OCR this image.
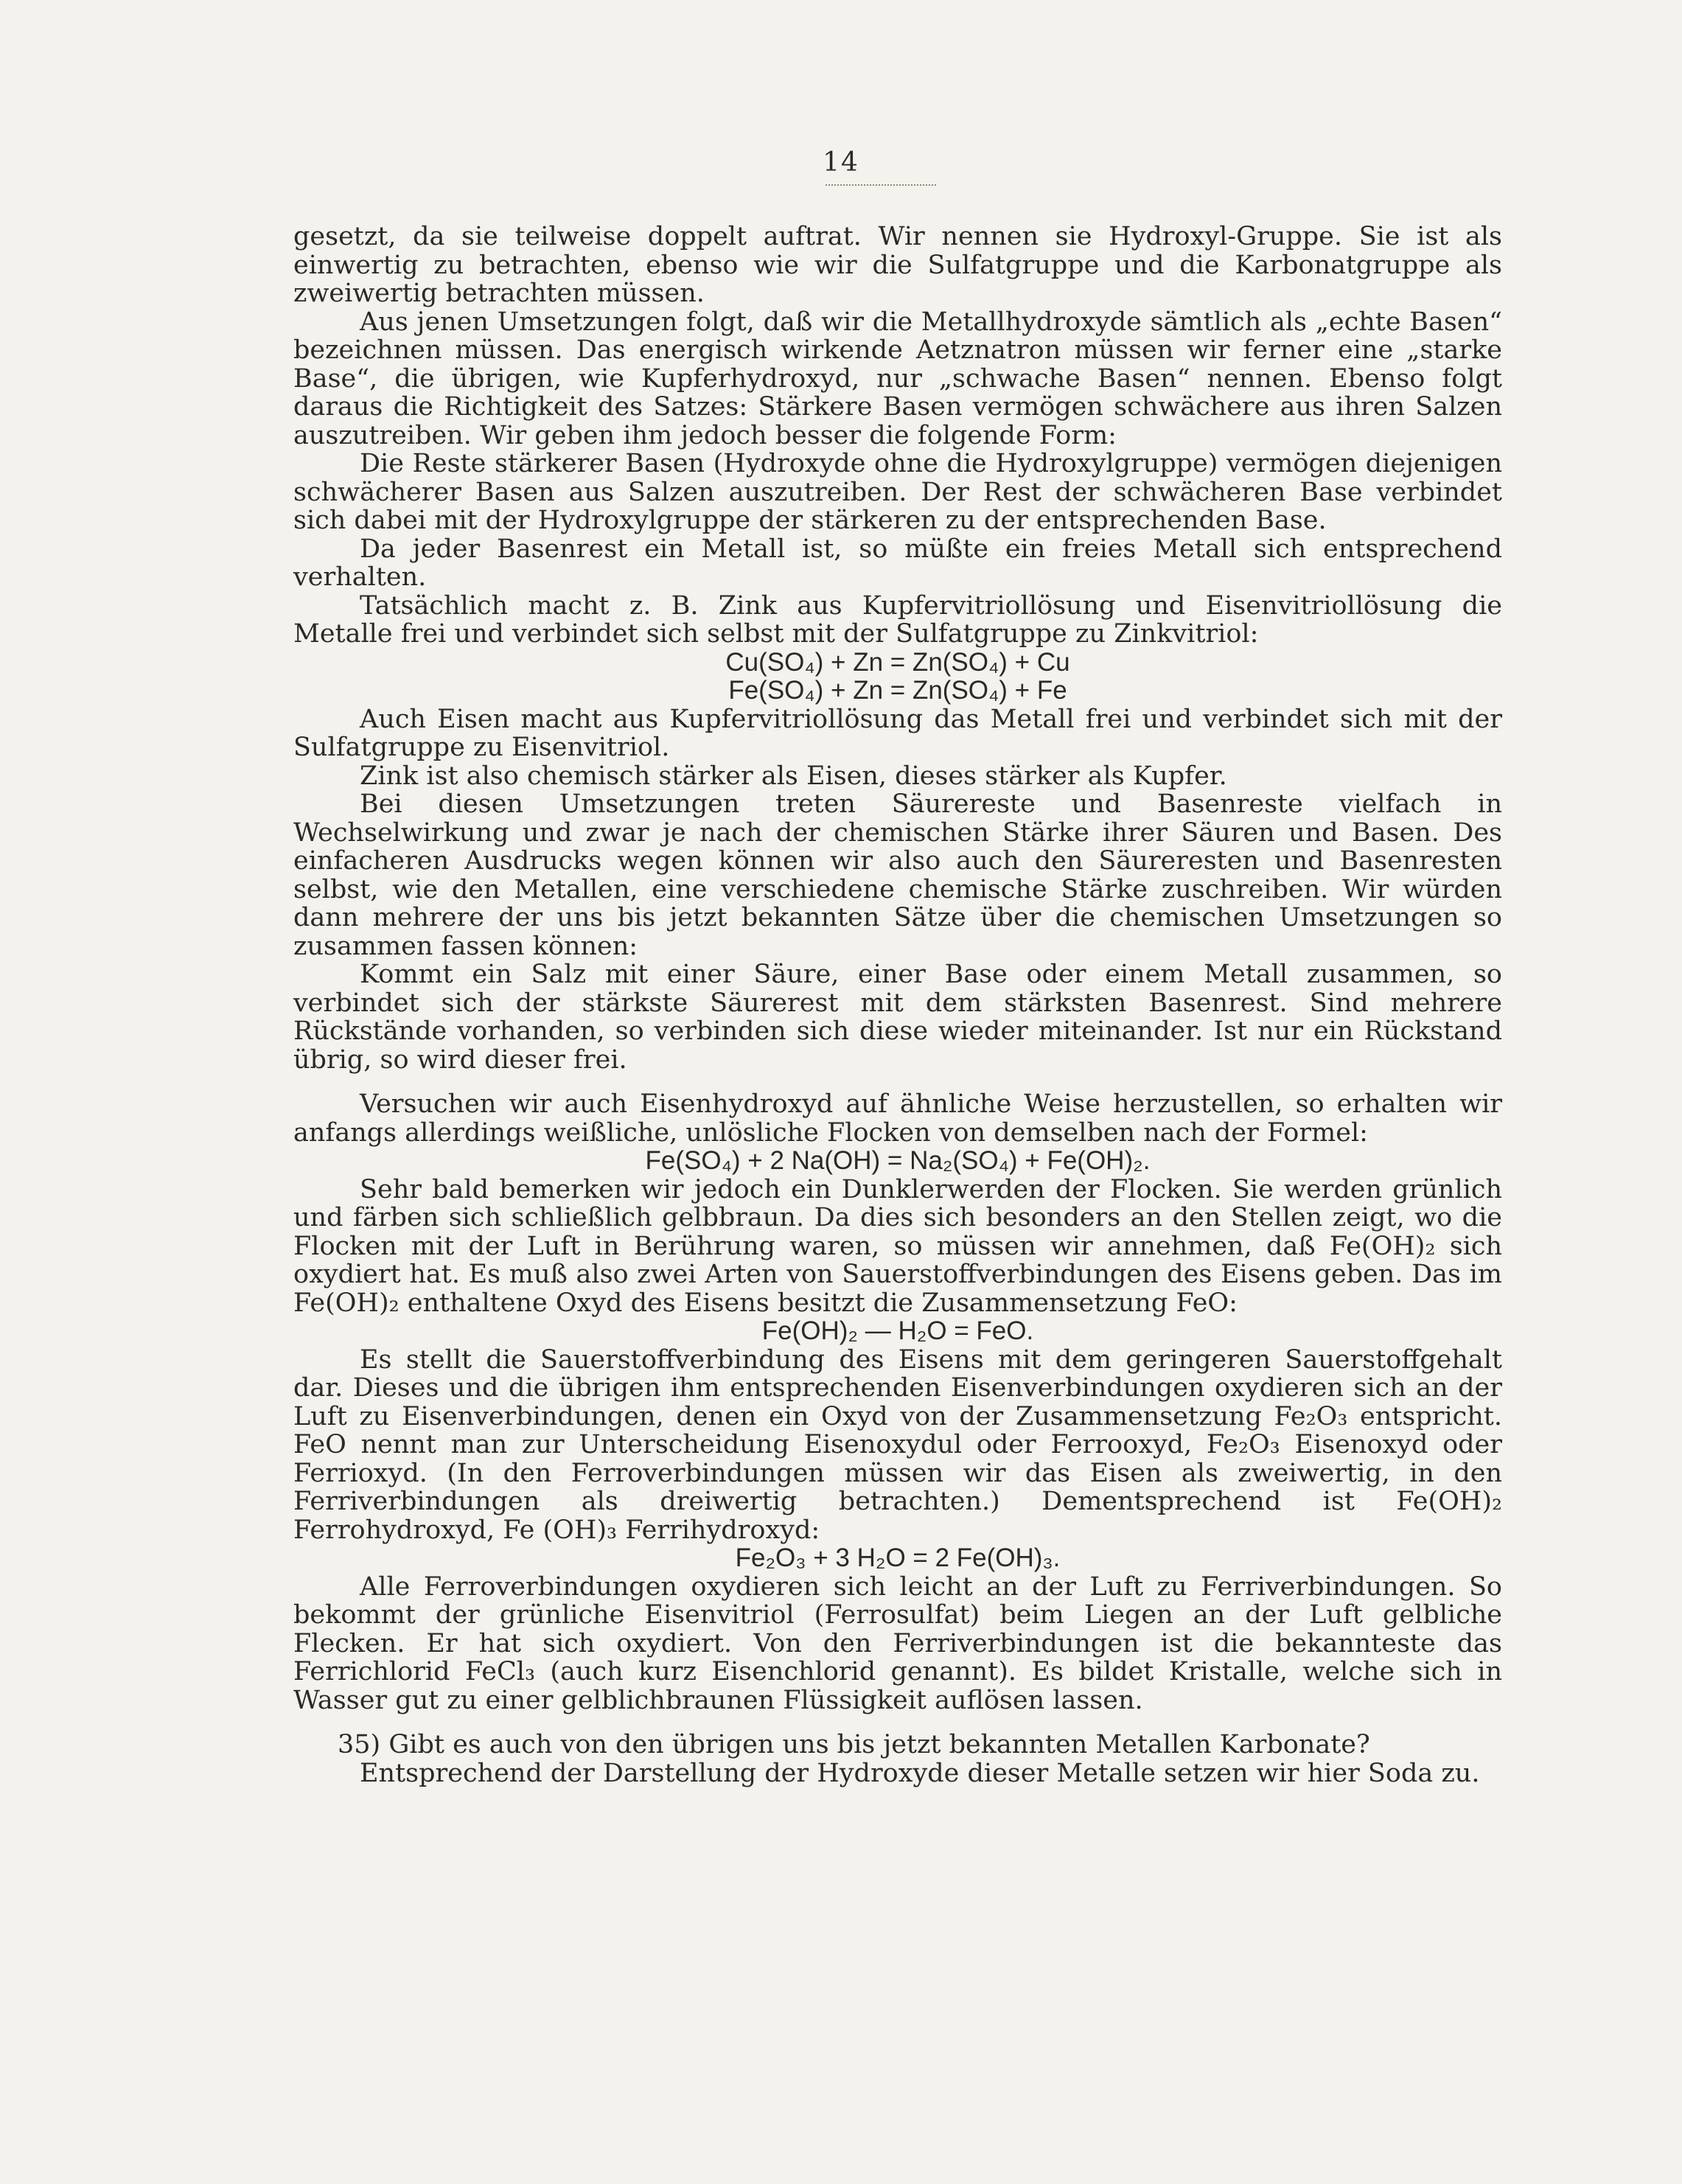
14

gesetzt, da sie teilweise doppelt auftrat. Wir nennen sie Hydroxyl-Gruppe. Sie ist als einwertig zu betrachten, ebenso wie wir die Sulfatgruppe und die Karbonatgruppe als zweiwertig betrachten müssen.

Aus jenen Umsetzungen folgt, daß wir die Metallhydroxyde sämtlich als „echte Basen“ bezeichnen müssen. Das energisch wirkende Aetznatron müssen wir ferner eine „starke Base“, die übrigen, wie Kupferhydroxyd, nur „schwache Basen“ nennen. Ebenso folgt daraus die Richtigkeit des Satzes: Stärkere Basen vermögen schwächere aus ihren Salzen auszutreiben. Wir geben ihm jedoch besser die folgende Form:

Die Reste stärkerer Basen (Hydroxyde ohne die Hydroxylgruppe) vermögen diejenigen schwächerer Basen aus Salzen auszutreiben. Der Rest der schwächeren Base verbindet sich dabei mit der Hydroxylgruppe der stärkeren zu der entsprechenden Base.

Da jeder Basenrest ein Metall ist, so müßte ein freies Metall sich entsprechend verhalten.

Tatsächlich macht z. B. Zink aus Kupfervitriollösung und Eisenvitriollösung die Metalle frei und verbindet sich selbst mit der Sulfatgruppe zu Zinkvitriol:

Cu(SO₄) + Zn = Zn(SO₄) + Cu

Fe(SO₄) + Zn = Zn(SO₄) + Fe

Auch Eisen macht aus Kupfervitriollösung das Metall frei und verbindet sich mit der Sulfatgruppe zu Eisenvitriol.

Zink ist also chemisch stärker als Eisen, dieses stärker als Kupfer.

Bei diesen Umsetzungen treten Säurereste und Basenreste vielfach in Wechselwirkung und zwar je nach der chemischen Stärke ihrer Säuren und Basen. Des einfacheren Ausdrucks wegen können wir also auch den Säureresten und Basenresten selbst, wie den Metallen, eine verschiedene chemische Stärke zuschreiben. Wir würden dann mehrere der uns bis jetzt bekannten Sätze über die chemischen Umsetzungen so zusammen fassen können:

Kommt ein Salz mit einer Säure, einer Base oder einem Metall zusammen, so verbindet sich der stärkste Säurerest mit dem stärksten Basenrest. Sind mehrere Rückstände vorhanden, so verbinden sich diese wieder miteinander. Ist nur ein Rückstand übrig, so wird dieser frei.

Versuchen wir auch Eisenhydroxyd auf ähnliche Weise herzustellen, so erhalten wir anfangs allerdings weißliche, unlösliche Flocken von demselben nach der Formel:

Fe(SO₄) + 2 Na(OH) = Na₂(SO₄) + Fe(OH)₂.

Sehr bald bemerken wir jedoch ein Dunklerwerden der Flocken. Sie werden grünlich und färben sich schließlich gelbbraun. Da dies sich besonders an den Stellen zeigt, wo die Flocken mit der Luft in Berührung waren, so müssen wir annehmen, daß Fe(OH)₂ sich oxydiert hat. Es muß also zwei Arten von Sauerstoffverbindungen des Eisens geben. Das im Fe(OH)₂ enthaltene Oxyd des Eisens besitzt die Zusammensetzung FeO:

Fe(OH)₂ — H₂O = FeO.

Es stellt die Sauerstoffverbindung des Eisens mit dem geringeren Sauerstoffgehalt dar. Dieses und die übrigen ihm entsprechenden Eisenverbindungen oxydieren sich an der Luft zu Eisenverbindungen, denen ein Oxyd von der Zusammensetzung Fe₂O₃ entspricht. FeO nennt man zur Unterscheidung Eisenoxydul oder Ferrooxyd, Fe₂O₃ Eisenoxyd oder Ferrioxyd. (In den Ferroverbindungen müssen wir das Eisen als zweiwertig, in den Ferriverbindungen als dreiwertig betrachten.) Dementsprechend ist Fe(OH)₂ Ferrohydroxyd, Fe (OH)₃ Ferrihydroxyd:

Fe₂O₃ + 3 H₂O = 2 Fe(OH)₃.

Alle Ferroverbindungen oxydieren sich leicht an der Luft zu Ferriverbindungen. So bekommt der grünliche Eisenvitriol (Ferrosulfat) beim Liegen an der Luft gelbliche Flecken. Er hat sich oxydiert. Von den Ferriverbindungen ist die bekannteste das Ferrichlorid FeCl₃ (auch kurz Eisenchlorid genannt). Es bildet Kristalle, welche sich in Wasser gut zu einer gelblichbraunen Flüssigkeit auflösen lassen.

35) Gibt es auch von den übrigen uns bis jetzt bekannten Metallen Karbonate?

Entsprechend der Darstellung der Hydroxyde dieser Metalle setzen wir hier Soda zu.
